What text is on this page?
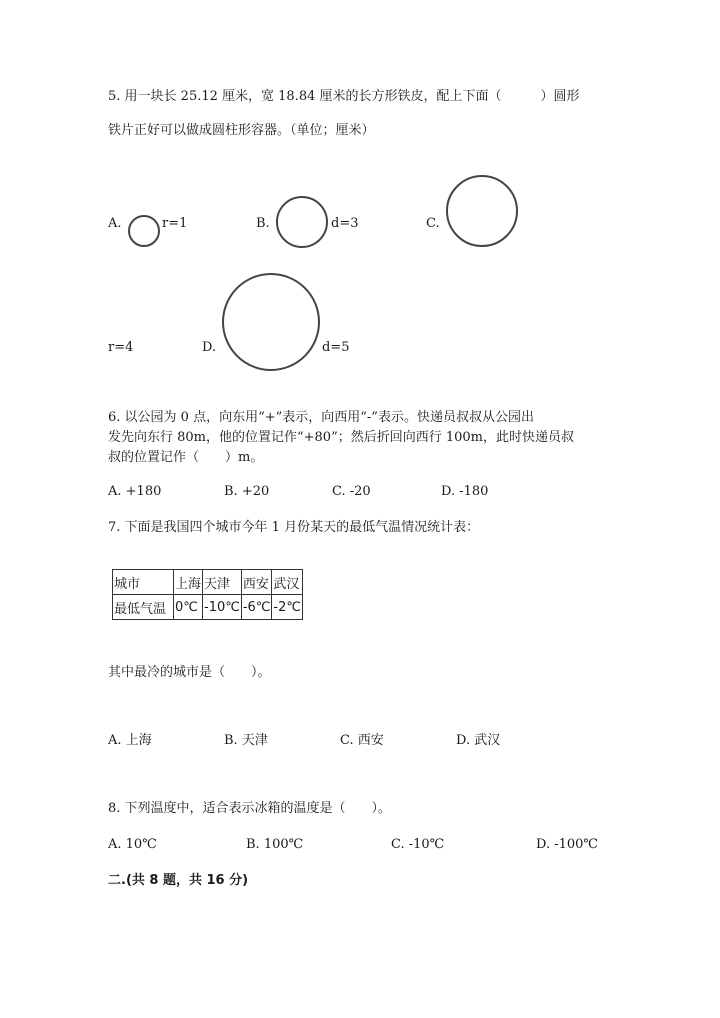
5. 用一块长 25.12 厘米，宽 18.84 厘米的长方形铁皮，配上下面（　　　）圆形
铁片正好可以做成圆柱形容器。（单位；厘米）
A.	r=1	B.	d=3	C.
r=4	D.	d=5
6. 以公园为 0 点，向东用“+”表示，向西用“-”表示。快递员叔叔从公园出
发先向东行 80m，他的位置记作“+80”；然后折回向西行 100m，此时快递员叔
叔的位置记作（　　）m。
A. +180	B. +20	C. -20	D. -180
7. 下面是我国四个城市今年 1 月份某天的最低气温情况统计表：
城市	上海	天津	西安	武汉
最低气温	0℃	-10℃	-6℃	-2℃
其中最冷的城市是（　　）。
A. 上海	B. 天津	C. 西安	D. 武汉
8. 下列温度中，适合表示冰箱的温度是（　　）。
A. 10℃	B. 100℃	C. -10℃	D. -100℃
二.(共 8 题，共 16 分)
